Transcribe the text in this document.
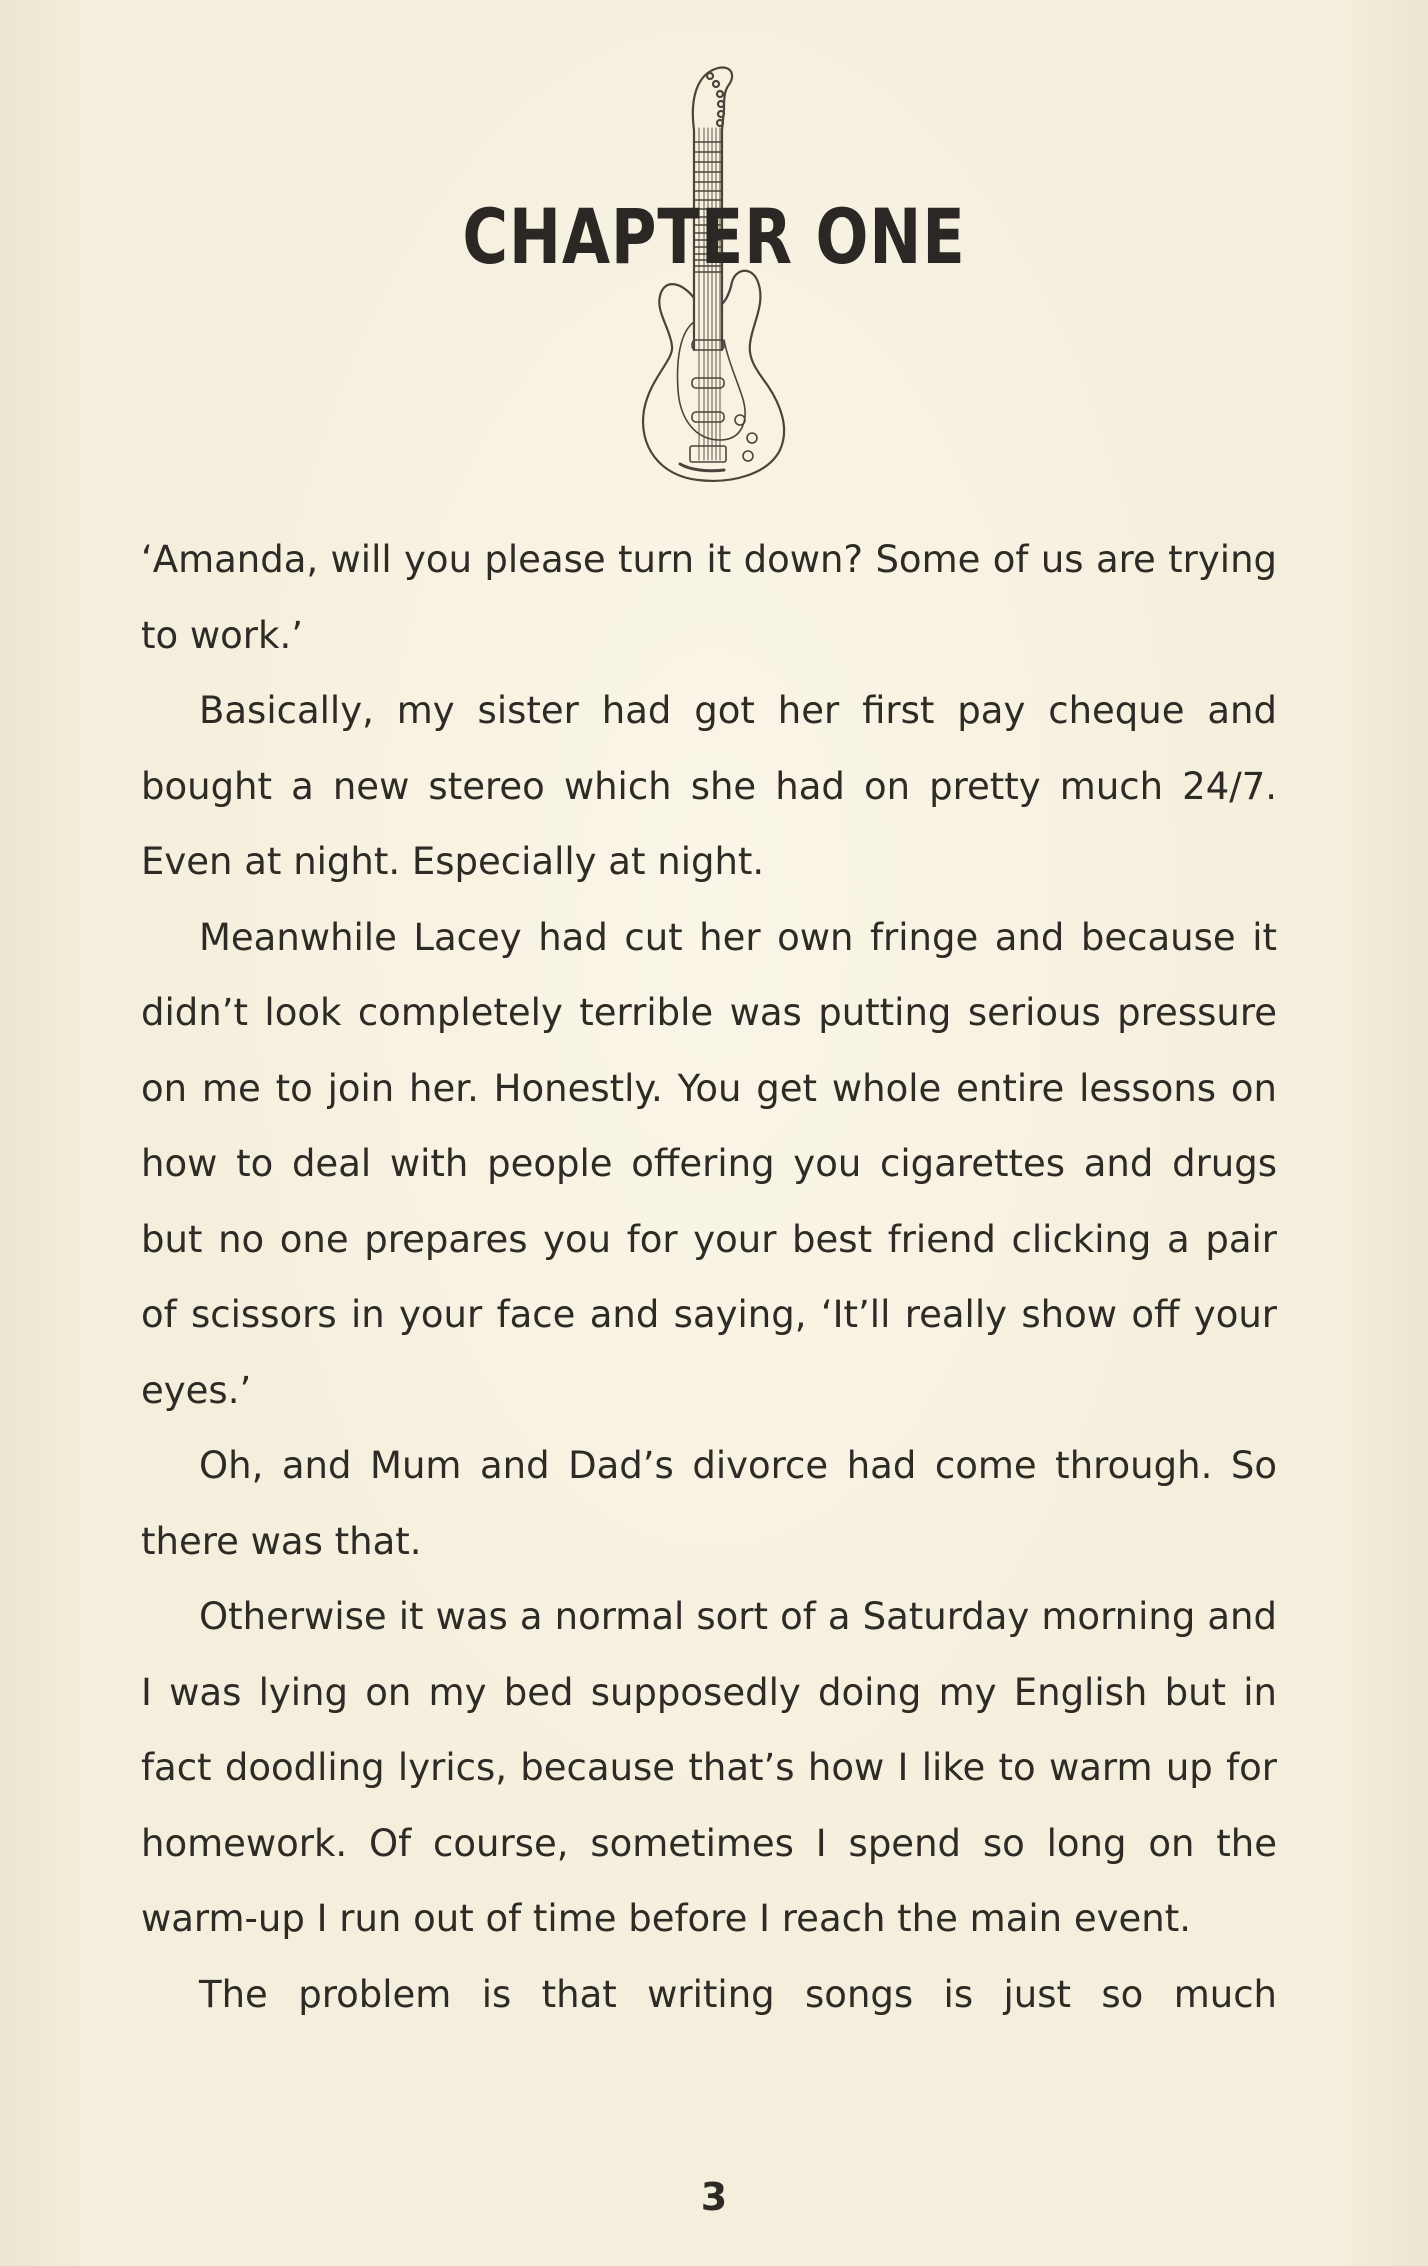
CHAPTER ONE

‘Amanda, will you please turn it down? Some of us are trying to work.’

Basically, my sister had got her first pay cheque and bought a new stereo which she had on pretty much 24/7. Even at night. Especially at night.

Meanwhile Lacey had cut her own fringe and because it didn’t look completely terrible was putting serious pressure on me to join her. Honestly. You get whole entire lessons on how to deal with people offering you cigarettes and drugs but no one prepares you for your best friend clicking a pair of scissors in your face and saying, ‘It’ll really show off your eyes.’

Oh, and Mum and Dad’s divorce had come through. So there was that.

Otherwise it was a normal sort of a Saturday morning and I was lying on my bed supposedly doing my English but in fact doodling lyrics, because that’s how I like to warm up for homework. Of course, sometimes I spend so long on the warm-up I run out of time before I reach the main event.

The problem is that writing songs is just so much

3
